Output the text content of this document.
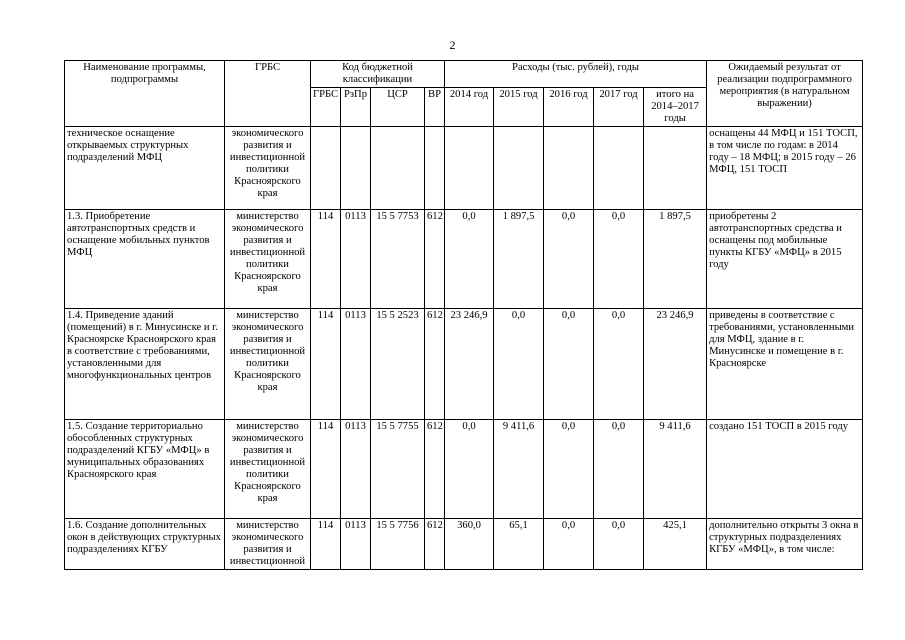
2
Наименование программы, подпрограммы	ГРБС	Код бюджетной классификации				Расходы (тыс. рублей), годы					Ожидаемый результат от реализации подпрограммного мероприятия (в натуральном выражении)
		ГРБС	РзПр	ЦСР	ВР	2014 год	2015 год	2016 год	2017 год	итого на 2014–2017 годы	
техническое оснащение открываемых структурных подразделений МФЦ	экономического развития и инвестиционной политики Красноярского края										оснащены 44 МФЦ и 151 ТОСП, в том числе по годам: в 2014 году – 18 МФЦ; в 2015 году – 26 МФЦ, 151 ТОСП
1.3. Приобретение автотранспортных средств и оснащение мобильных пунктов МФЦ	министерство экономического развития и инвестиционной политики Красноярского края	114	0113	15 5 7753	612	0,0	1 897,5	0,0	0,0	1 897,5	приобретены 2 автотранспортных средства и оснащены под мобильные пункты КГБУ «МФЦ» в 2015 году
1.4. Приведение зданий (помещений) в г. Минусинске и г. Красноярске Красноярского края в соответствие с требованиями, установленными для многофункциональных центров	министерство экономического развития и инвестиционной политики Красноярского края	114	0113	15 5 2523	612	23 246,9	0,0	0,0	0,0	23 246,9	приведены в соответствие с требованиями, установленными для МФЦ, здание в г. Минусинске и помещение в г. Красноярске
1.5. Создание территориально обособленных структурных подразделений КГБУ «МФЦ» в муниципальных образованиях Красноярского края	министерство экономического развития и инвестиционной политики Красноярского края	114	0113	15 5 7755	612	0,0	9 411,6	0,0	0,0	9 411,6	создано 151 ТОСП в 2015 году
1.6. Создание дополнительных окон в действующих структурных подразделениях КГБУ	министерство экономического развития и инвестиционной	114	0113	15 5 7756	612	360,0	65,1	0,0	0,0	425,1	дополнительно открыты 3 окна в структурных подразделениях КГБУ «МФЦ», в том числе:
